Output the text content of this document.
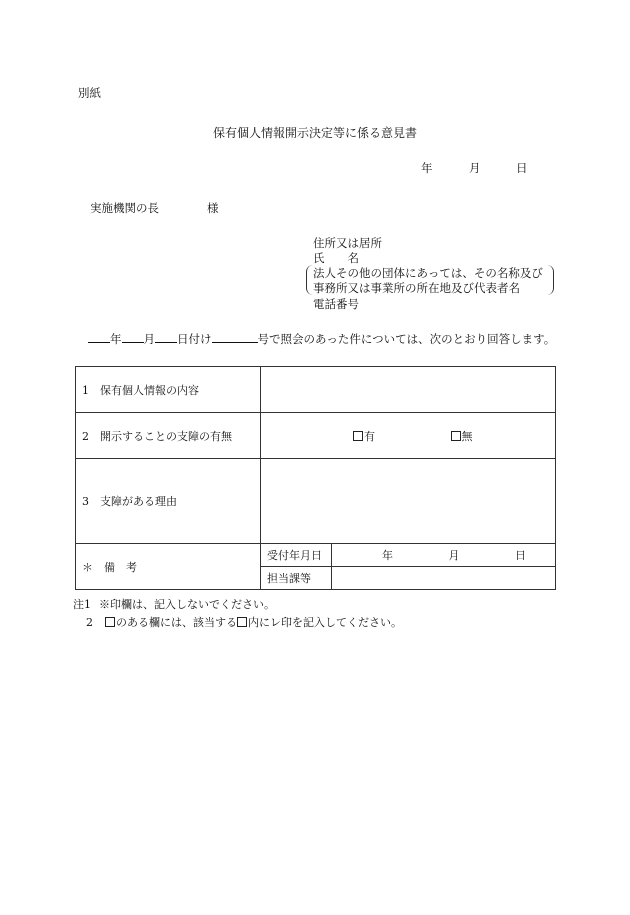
別紙
保有個人情報開示決定等に係る意見書
年	月	日
実施機関の長	様
住所又は居所
氏　　名
法人その他の団体にあっては、その名称及び
事務所又は事業所の所在地及び代表者名
電話番号
年 月 日付け	号で照会のあった件については、次のとおり回答します。
1　保有個人情報の内容		
2　開示することの支障の有無	有 無	
3　支障がある理由		
＊　備　考	受付年月日	年 月 日
	担当課等	
注1 ※印欄は、記入しないでください。
2 のある欄には、該当する 内にレ印を記入してください。
